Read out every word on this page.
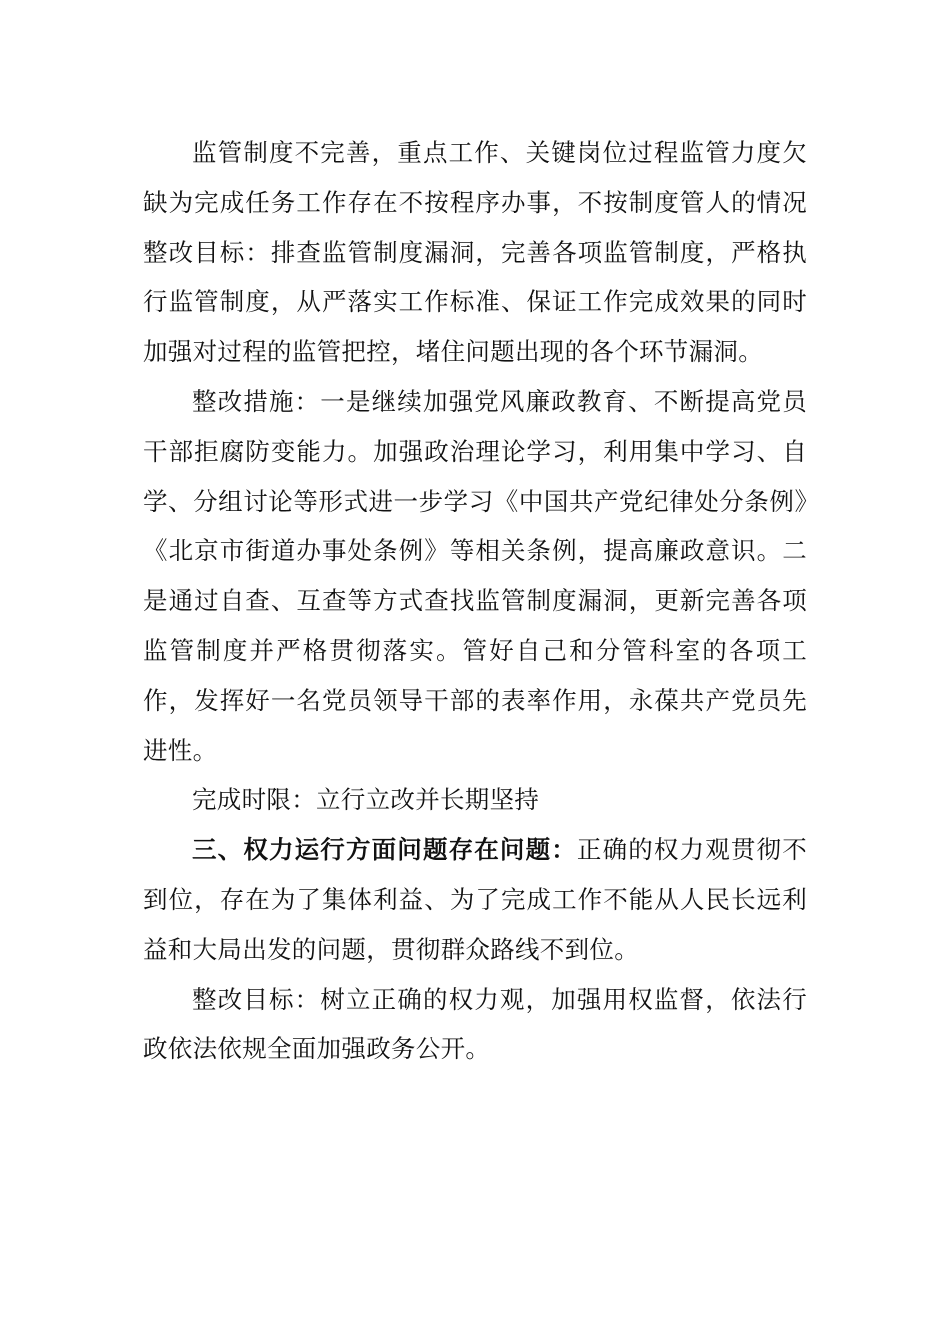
监管制度不完善，重点工作、关键岗位过程监管力度欠缺为完成任务工作存在不按程序办事，不按制度管人的情况整改目标：排查监管制度漏洞，完善各项监管制度，严格执行监管制度，从严落实工作标准、保证工作完成效果的同时加强对过程的监管把控，堵住问题出现的各个环节漏洞。

整改措施：一是继续加强党风廉政教育、不断提高党员干部拒腐防变能力。加强政治理论学习，利用集中学习、自学、分组讨论等形式进一步学习《中国共产党纪律处分条例》《北京市街道办事处条例》等相关条例，提高廉政意识。二是通过自查、互查等方式查找监管制度漏洞，更新完善各项监管制度并严格贯彻落实。管好自己和分管科室的各项工作，发挥好一名党员领导干部的表率作用，永葆共产党员先进性。

完成时限：立行立改并长期坚持

三、权力运行方面问题存在问题：正确的权力观贯彻不到位，存在为了集体利益、为了完成工作不能从人民长远利益和大局出发的问题，贯彻群众路线不到位。

整改目标：树立正确的权力观，加强用权监督，依法行政依法依规全面加强政务公开。
